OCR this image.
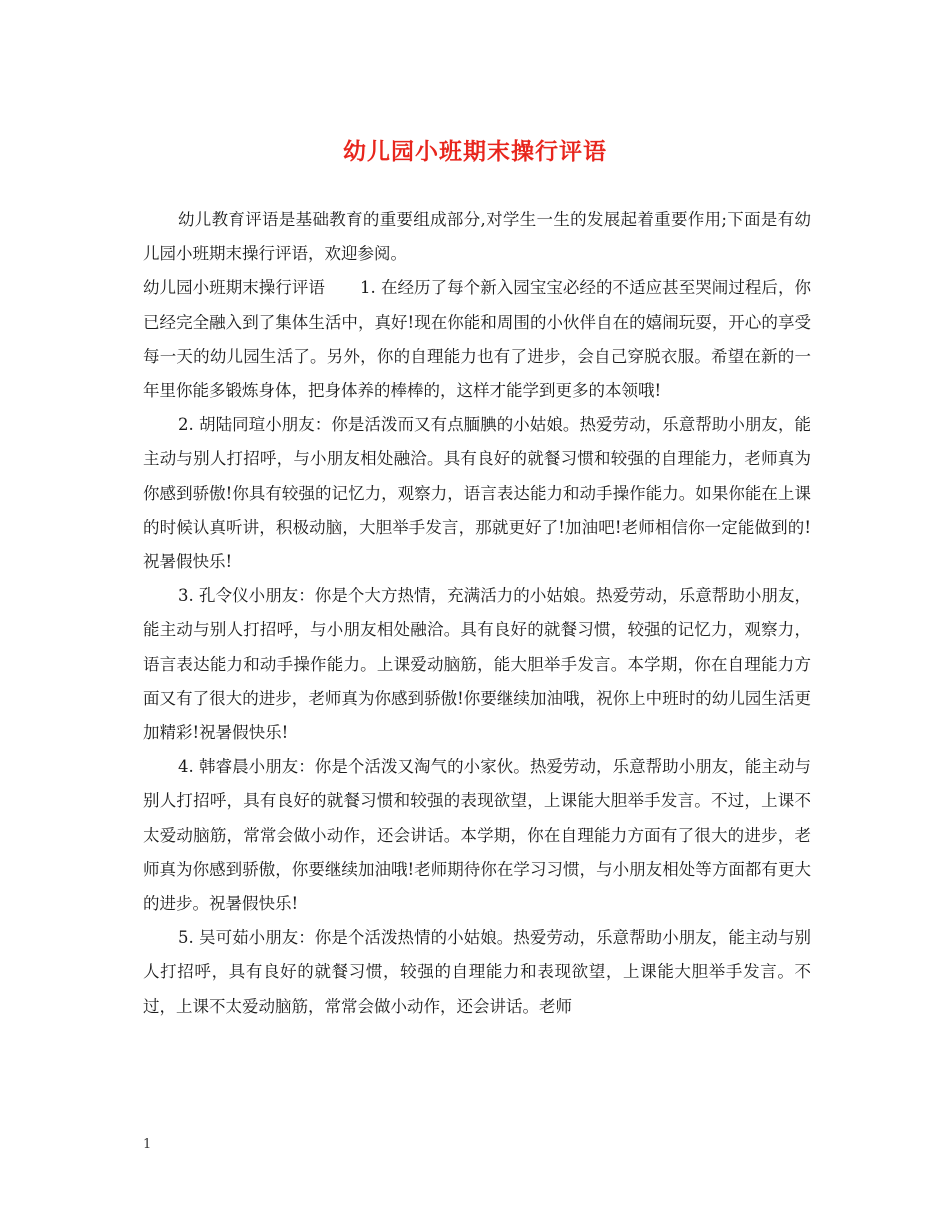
幼儿园小班期末操行评语

幼儿教育评语是基础教育的重要组成部分,对学生一生的发展起着重要作用;下面是有幼儿园小班期末操行评语，欢迎参阅。

幼儿园小班期末操行评语 1. 在经历了每个新入园宝宝必经的不适应甚至哭闹过程后，你已经完全融入到了集体生活中，真好!现在你能和周围的小伙伴自在的嬉闹玩耍，开心的享受每一天的幼儿园生活了。另外，你的自理能力也有了进步，会自己穿脱衣服。希望在新的一年里你能多锻炼身体，把身体养的棒棒的，这样才能学到更多的本领哦!

2. 胡陆同瑄小朋友：你是活泼而又有点腼腆的小姑娘。热爱劳动，乐意帮助小朋友，能主动与别人打招呼，与小朋友相处融洽。具有良好的就餐习惯和较强的自理能力，老师真为你感到骄傲!你具有较强的记忆力，观察力，语言表达能力和动手操作能力。如果你能在上课的时候认真听讲，积极动脑，大胆举手发言，那就更好了!加油吧!老师相信你一定能做到的!祝暑假快乐!

3. 孔令仪小朋友：你是个大方热情，充满活力的小姑娘。热爱劳动，乐意帮助小朋友，能主动与别人打招呼，与小朋友相处融洽。具有良好的就餐习惯，较强的记忆力，观察力，语言表达能力和动手操作能力。上课爱动脑筋，能大胆举手发言。本学期，你在自理能力方面又有了很大的进步，老师真为你感到骄傲!你要继续加油哦，祝你上中班时的幼儿园生活更加精彩!祝暑假快乐!

4. 韩睿晨小朋友：你是个活泼又淘气的小家伙。热爱劳动，乐意帮助小朋友，能主动与别人打招呼，具有良好的就餐习惯和较强的表现欲望，上课能大胆举手发言。不过，上课不太爱动脑筋，常常会做小动作，还会讲话。本学期，你在自理能力方面有了很大的进步，老师真为你感到骄傲，你要继续加油哦!老师期待你在学习习惯，与小朋友相处等方面都有更大的进步。祝暑假快乐!

5. 吴可茹小朋友：你是个活泼热情的小姑娘。热爱劳动，乐意帮助小朋友，能主动与别人打招呼，具有良好的就餐习惯，较强的自理能力和表现欲望，上课能大胆举手发言。不过，上课不太爱动脑筋，常常会做小动作，还会讲话。老师

1
